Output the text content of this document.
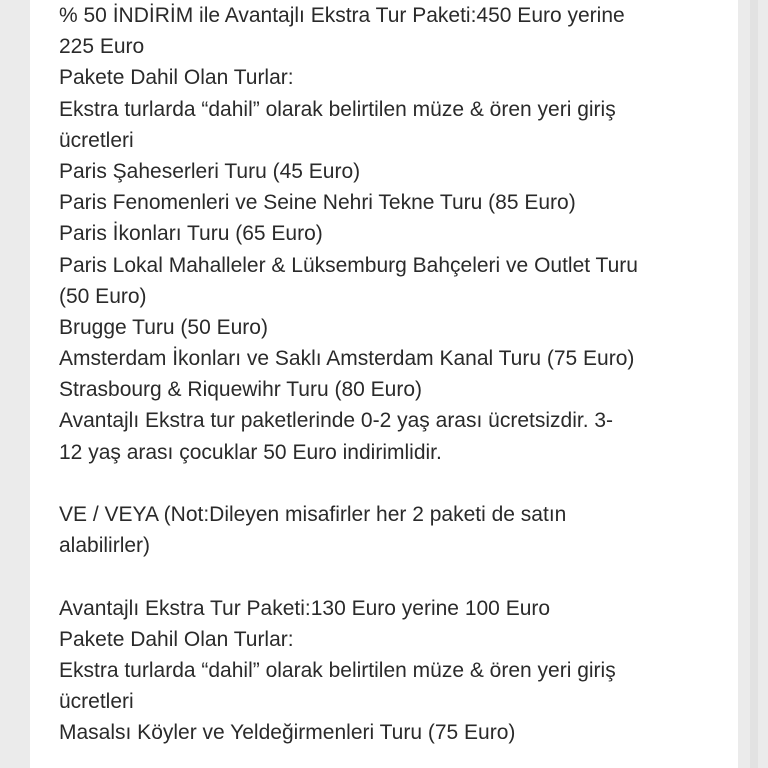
% 50 İNDİRİM ile Avantajlı Ekstra Tur Paketi:450 Euro yerine
225 Euro
Pakete Dahil Olan Turlar:
Ekstra turlarda “dahil” olarak belirtilen müze & ören yeri giriş
ücretleri
Paris Şaheserleri Turu (45 Euro)
Paris Fenomenleri ve Seine Nehri Tekne Turu (85 Euro)
Paris İkonları Turu (65 Euro)
Paris Lokal Mahalleler & Lüksemburg Bahçeleri ve Outlet Turu
(50 Euro)
Brugge Turu (50 Euro)
Amsterdam İkonları ve Saklı Amsterdam Kanal Turu (75 Euro)
Strasbourg & Riquewihr Turu (80 Euro)
Avantajlı Ekstra tur paketlerinde 0-2 yaş arası ücretsizdir. 3-
12 yaş arası çocuklar 50 Euro indirimlidir.
VE / VEYA (Not:Dileyen misafirler her 2 paketi de satın
alabilirler)
Avantajlı Ekstra Tur Paketi:130 Euro yerine 100 Euro
Pakete Dahil Olan Turlar:
Ekstra turlarda “dahil” olarak belirtilen müze & ören yeri giriş
ücretleri
Masalsı Köyler ve Yeldeğirmenleri Turu (75 Euro)
